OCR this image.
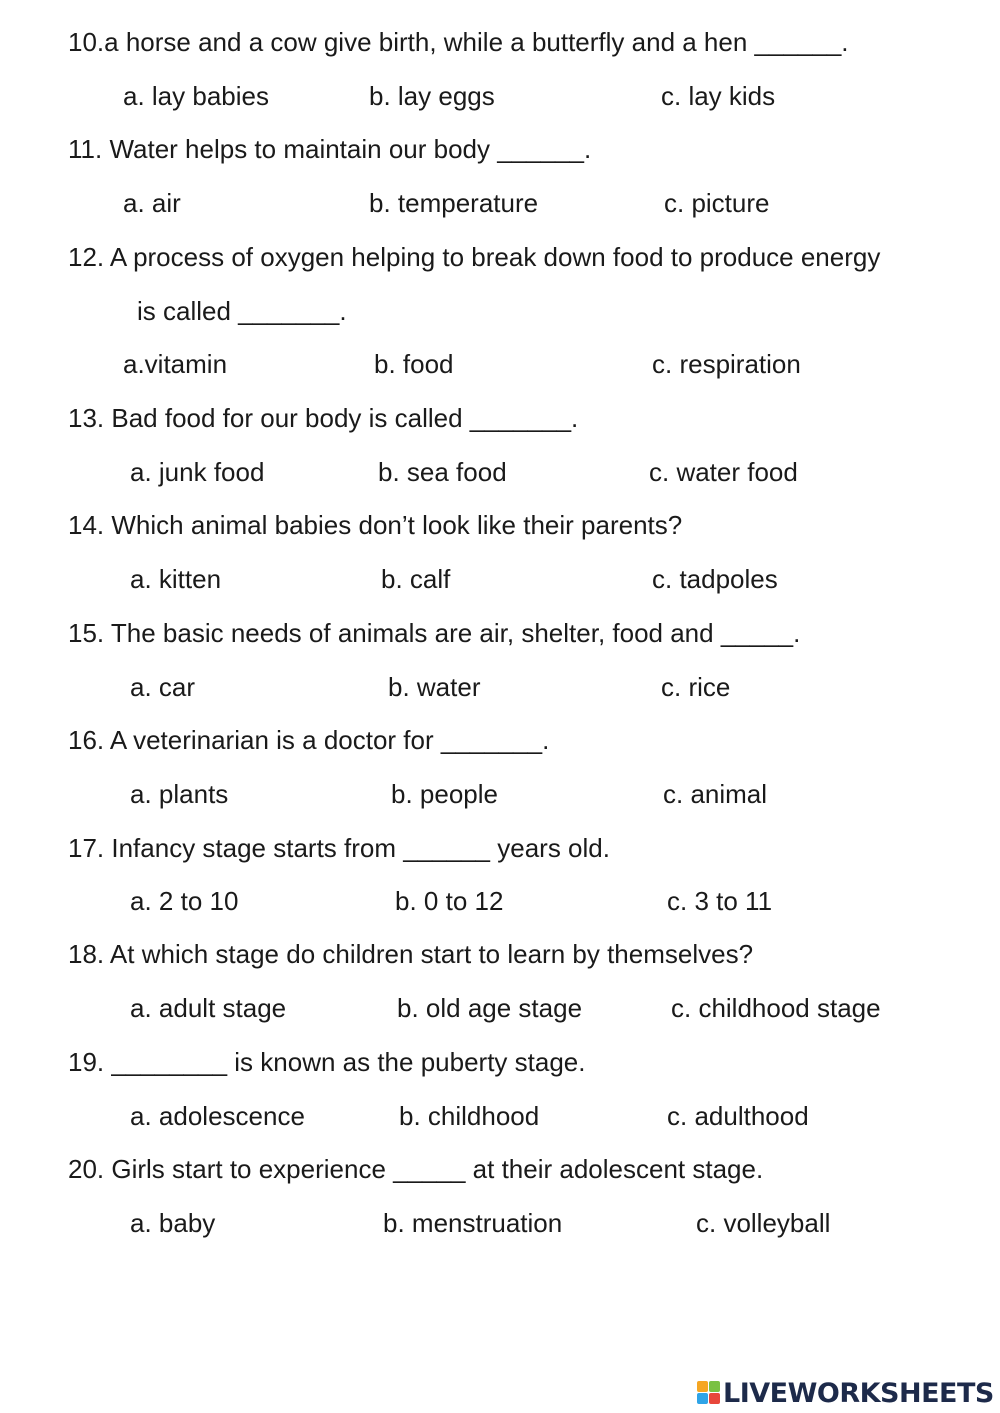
10.a horse and a cow give birth, while a butterfly and a hen ______.
a. lay babies	b. lay eggs	c. lay kids
11. Water helps to maintain our body ______.
a. air	b. temperature	c. picture
12. A process of oxygen helping to break down food to produce energy
is called _______.
a.vitamin	b. food	c. respiration
13. Bad food for our body is called _______.
a. junk food	b. sea food	c. water food
14. Which animal babies don’t look like their parents?
a. kitten	b. calf	c. tadpoles
15. The basic needs of animals are air, shelter, food and _____.
a. car	b. water	c. rice
16. A veterinarian is a doctor for _______.
a. plants	b. people	c. animal
17. Infancy stage starts from ______ years old.
a. 2 to 10	b. 0 to 12	c. 3 to 11
18. At which stage do children start to learn by themselves?
a. adult stage	b. old age stage	c. childhood stage
19. ________ is known as the puberty stage.
a. adolescence	b. childhood	c. adulthood
20. Girls start to experience _____ at their adolescent stage.
a. baby	b. menstruation	c. volleyball
LIVEWORKSHEETS
